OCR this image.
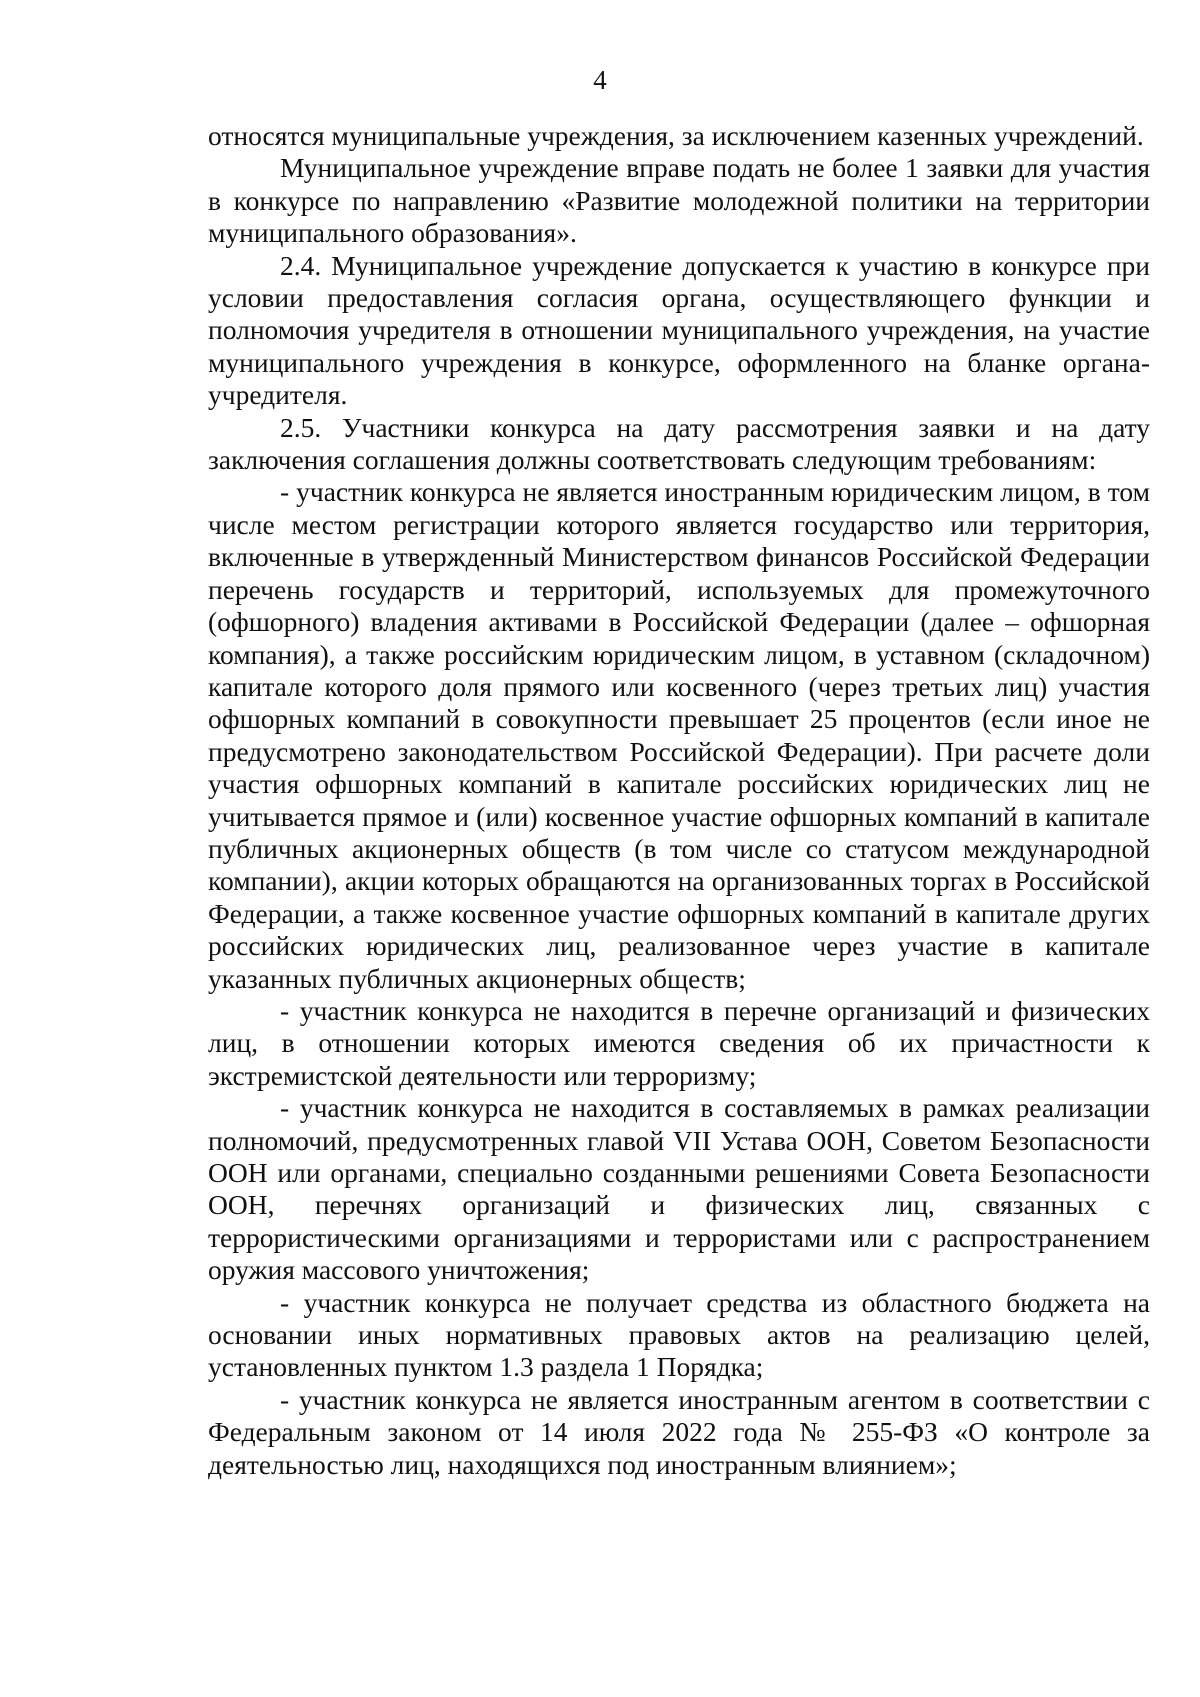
4

относятся муниципальные учреждения, за исключением казенных учреждений.

Муниципальное учреждение вправе подать не более 1 заявки для участия в конкурсе по направлению «Развитие молодежной политики на территории муниципального образования».

2.4. Муниципальное учреждение допускается к участию в конкурсе при условии предоставления согласия органа, осуществляющего функции и полномочия учредителя в отношении муниципального учреждения, на участие муниципального учреждения в конкурсе, оформленного на бланке органа-учредителя.

2.5. Участники конкурса на дату рассмотрения заявки и на дату заключения соглашения должны соответствовать следующим требованиям:

- участник конкурса не является иностранным юридическим лицом, в том числе местом регистрации которого является государство или территория, включенные в утвержденный Министерством финансов Российской Федерации перечень государств и территорий, используемых для промежуточного (офшорного) владения активами в Российской Федерации (далее – офшорная компания), а также российским юридическим лицом, в уставном (складочном) капитале которого доля прямого или косвенного (через третьих лиц) участия офшорных компаний в совокупности превышает 25 процентов (если иное не предусмотрено законодательством Российской Федерации). При расчете доли участия офшорных компаний в капитале российских юридических лиц не учитывается прямое и (или) косвенное участие офшорных компаний в капитале публичных акционерных обществ (в том числе со статусом международной компании), акции которых обращаются на организованных торгах в Российской Федерации, а также косвенное участие офшорных компаний в капитале других российских юридических лиц, реализованное через участие в капитале указанных публичных акционерных обществ;

- участник конкурса не находится в перечне организаций и физических лиц, в отношении которых имеются сведения об их причастности к экстремистской деятельности или терроризму;

- участник конкурса не находится в составляемых в рамках реализации полномочий, предусмотренных главой VII Устава ООН, Советом Безопасности ООН или органами, специально созданными решениями Совета Безопасности ООН, перечнях организаций и физических лиц, связанных с террористическими организациями и террористами или с распространением оружия массового уничтожения;

- участник конкурса не получает средства из областного бюджета на основании иных нормативных правовых актов на реализацию целей, установленных пунктом 1.3 раздела 1 Порядка;

- участник конкурса не является иностранным агентом в соответствии с Федеральным законом от 14 июля 2022 года № 255-ФЗ «О контроле за деятельностью лиц, находящихся под иностранным влиянием»;
